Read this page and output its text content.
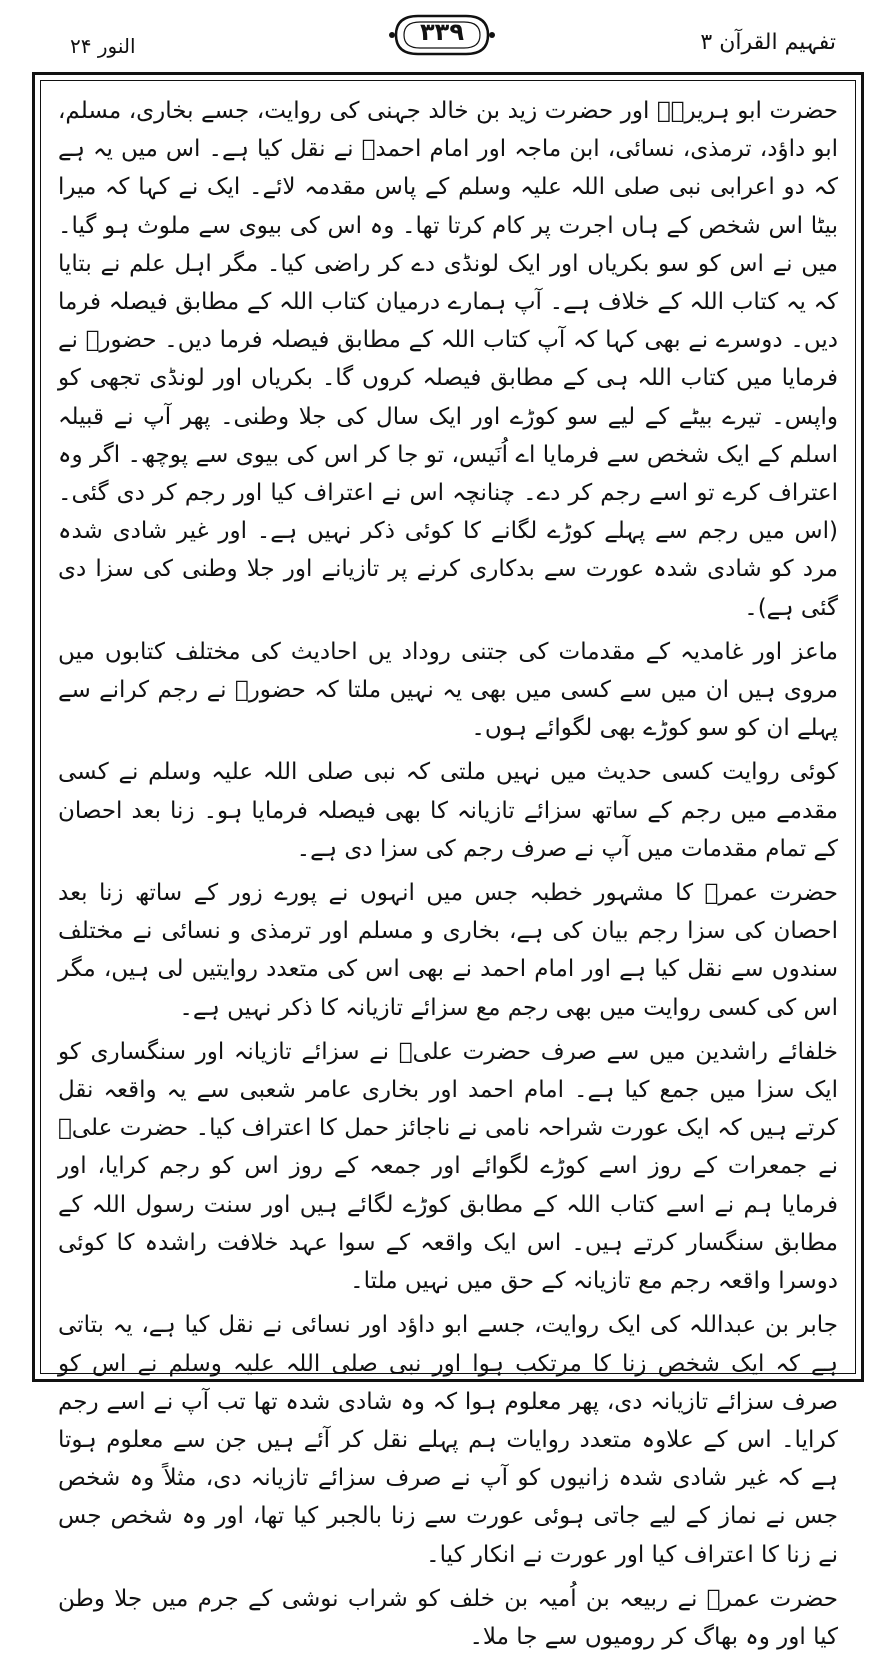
تفہیم القرآن ۳
۳۳۹
النور ۲۴

حضرت ابو ہریرہؓ اور حضرت زید بن خالد جہنی کی روایت، جسے بخاری، مسلم، ابو داؤد، ترمذی، نسائی، ابن ماجہ اور امام احمدؒ نے نقل کیا ہے۔ اس میں یہ ہے کہ دو اعرابی نبی صلی اللہ علیہ وسلم کے پاس مقدمہ لائے۔ ایک نے کہا کہ میرا بیٹا اس شخص کے ہاں اجرت پر کام کرتا تھا۔ وہ اس کی بیوی سے ملوث ہو گیا۔ میں نے اس کو سو بکریاں اور ایک لونڈی دے کر راضی کیا۔ مگر اہل علم نے بتایا کہ یہ کتاب اللہ کے خلاف ہے۔ آپ ہمارے درمیان کتاب اللہ کے مطابق فیصلہ فرما دیں۔ دوسرے نے بھی کہا کہ آپ کتاب اللہ کے مطابق فیصلہ فرما دیں۔ حضورؐ نے فرمایا میں کتاب اللہ ہی کے مطابق فیصلہ کروں گا۔ بکریاں اور لونڈی تجھی کو واپس۔ تیرے بیٹے کے لیے سو کوڑے اور ایک سال کی جلا وطنی۔ پھر آپ نے قبیلہ اسلم کے ایک شخص سے فرمایا اے اُنَیس، تو جا کر اس کی بیوی سے پوچھ۔ اگر وہ اعتراف کرے تو اسے رجم کر دے۔ چنانچہ اس نے اعتراف کیا اور رجم کر دی گئی۔ (اس میں رجم سے پہلے کوڑے لگانے کا کوئی ذکر نہیں ہے۔ اور غیر شادی شدہ مرد کو شادی شدہ عورت سے بدکاری کرنے پر تازیانے اور جلا وطنی کی سزا دی گئی ہے)۔

ماعز اور غامدیہ کے مقدمات کی جتنی روداد یں احادیث کی مختلف کتابوں میں مروی ہیں ان میں سے کسی میں بھی یہ نہیں ملتا کہ حضورؐ نے رجم کرانے سے پہلے ان کو سو کوڑے بھی لگوائے ہوں۔

کوئی روایت کسی حدیث میں نہیں ملتی کہ نبی صلی اللہ علیہ وسلم نے کسی مقدمے میں رجم کے ساتھ سزائے تازیانہ کا بھی فیصلہ فرمایا ہو۔ زنا بعد احصان کے تمام مقدمات میں آپ نے صرف رجم کی سزا دی ہے۔

حضرت عمرؓ کا مشہور خطبہ جس میں انہوں نے پورے زور کے ساتھ زنا بعد احصان کی سزا رجم بیان کی ہے، بخاری و مسلم اور ترمذی و نسائی نے مختلف سندوں سے نقل کیا ہے اور امام احمد نے بھی اس کی متعدد روایتیں لی ہیں، مگر اس کی کسی روایت میں بھی رجم مع سزائے تازیانہ کا ذکر نہیں ہے۔

خلفائے راشدین میں سے صرف حضرت علیؓ نے سزائے تازیانہ اور سنگساری کو ایک سزا میں جمع کیا ہے۔ امام احمد اور بخاری عامر شعبی سے یہ واقعہ نقل کرتے ہیں کہ ایک عورت شراحہ نامی نے ناجائز حمل کا اعتراف کیا۔ حضرت علیؓ نے جمعرات کے روز اسے کوڑے لگوائے اور جمعہ کے روز اس کو رجم کرایا، اور فرمایا ہم نے اسے کتاب اللہ کے مطابق کوڑے لگائے ہیں اور سنت رسول اللہ کے مطابق سنگسار کرتے ہیں۔ اس ایک واقعہ کے سوا عہد خلافت راشدہ کا کوئی دوسرا واقعہ رجم مع تازیانہ کے حق میں نہیں ملتا۔

جابر بن عبداللہ کی ایک روایت، جسے ابو داؤد اور نسائی نے نقل کیا ہے، یہ بتاتی ہے کہ ایک شخص زنا کا مرتکب ہوا اور نبی صلی اللہ علیہ وسلم نے اس کو صرف سزائے تازیانہ دی، پھر معلوم ہوا کہ وہ شادی شدہ تھا تب آپ نے اسے رجم کرایا۔ اس کے علاوہ متعدد روایات ہم پہلے نقل کر آئے ہیں جن سے معلوم ہوتا ہے کہ غیر شادی شدہ زانیوں کو آپ نے صرف سزائے تازیانہ دی، مثلاً وہ شخص جس نے نماز کے لیے جاتی ہوئی عورت سے زنا بالجبر کیا تھا، اور وہ شخص جس نے زنا کا اعتراف کیا اور عورت نے انکار کیا۔

حضرت عمرؓ نے ربیعہ بن اُمیہ بن خلف کو شراب نوشی کے جرم میں جلا وطن کیا اور وہ بھاگ کر رومیوں سے جا ملا۔
